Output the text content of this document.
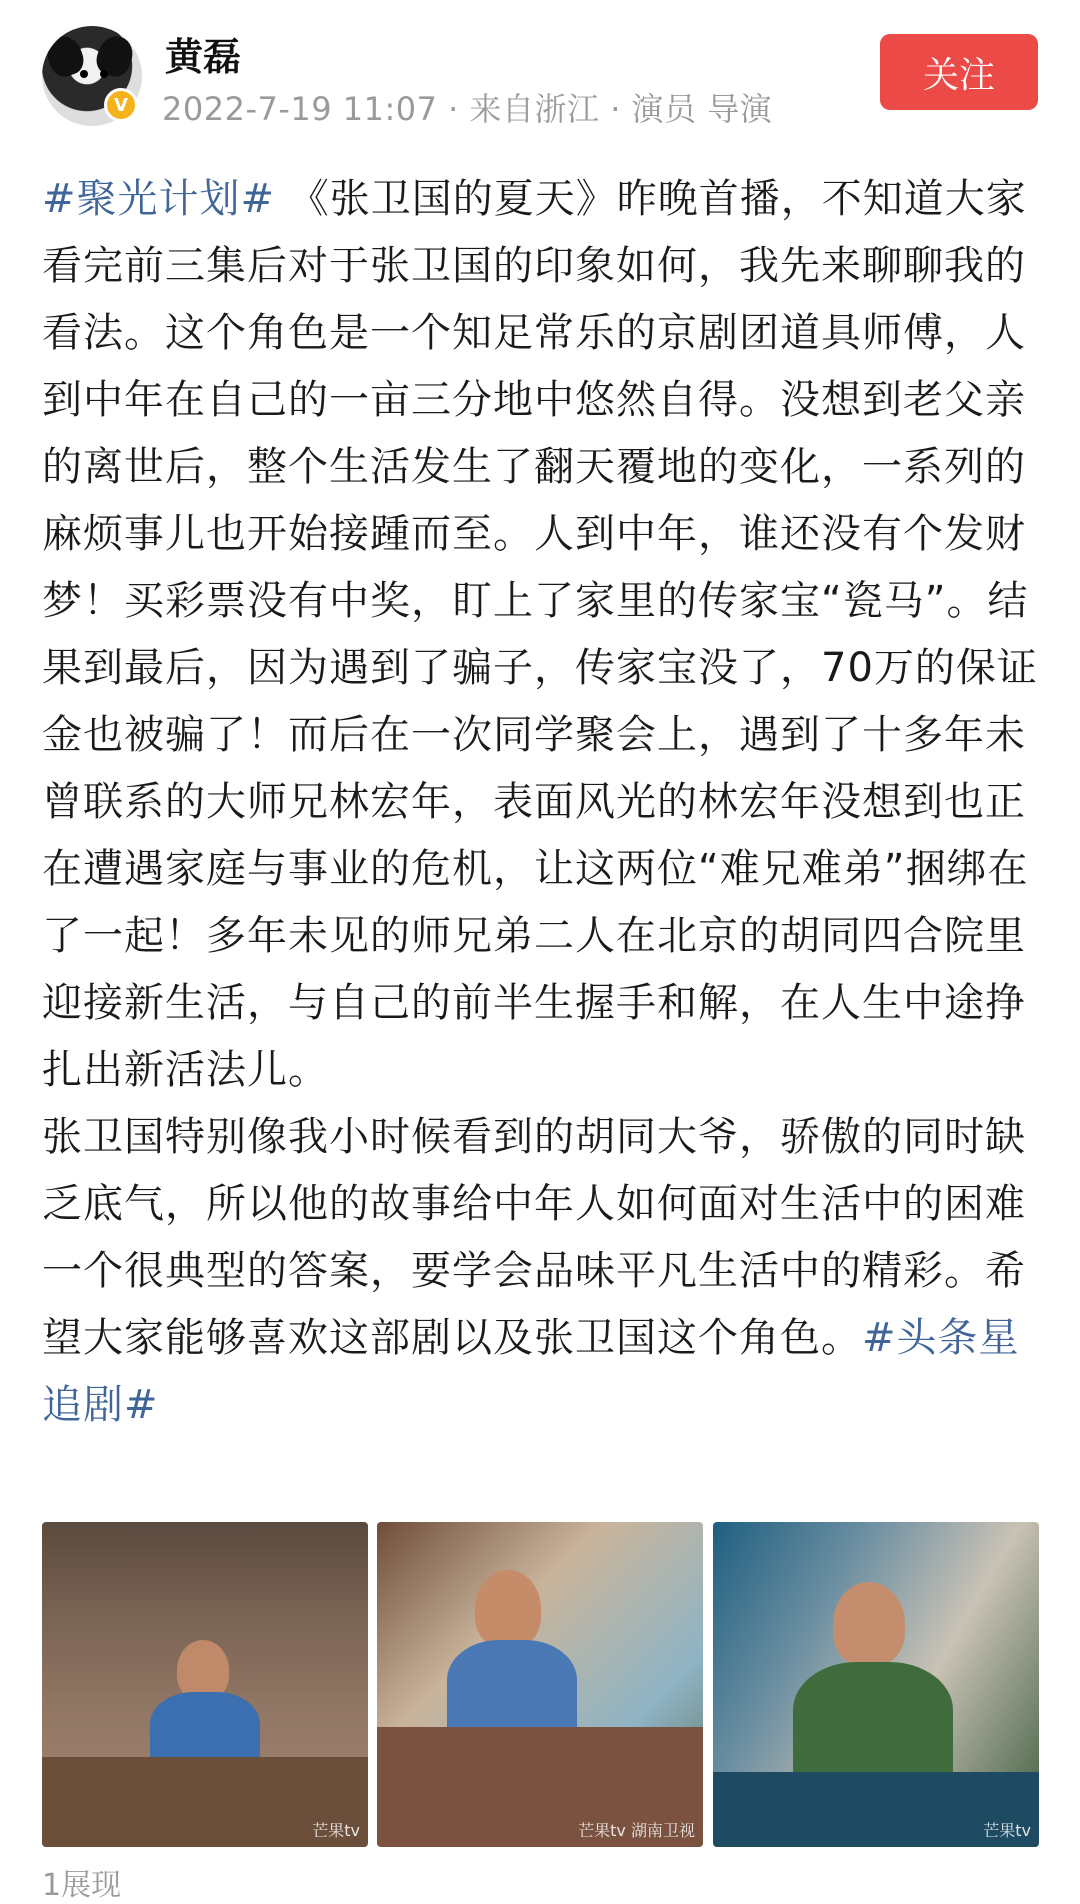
V
黄磊
2022-7-19 11:07 · 来自浙江 · 演员 导演
关注

#聚光计划# 《张卫国的夏天》昨晚首播，不知道大家看完前三集后对于张卫国的印象如何，我先来聊聊我的看法。这个角色是一个知足常乐的京剧团道具师傅，人到中年在自己的一亩三分地中悠然自得。没想到老父亲的离世后，整个生活发生了翻天覆地的变化，一系列的麻烦事儿也开始接踵而至。人到中年，谁还没有个发财梦！买彩票没有中奖，盯上了家里的传家宝“瓷马”。结果到最后，因为遇到了骗子，传家宝没了，70万的保证金也被骗了！而后在一次同学聚会上，遇到了十多年未曾联系的大师兄林宏年，表面风光的林宏年没想到也正在遭遇家庭与事业的危机，让这两位“难兄难弟”捆绑在了一起！多年未见的师兄弟二人在北京的胡同四合院里迎接新生活，与自己的前半生握手和解，在人生中途挣扎出新活法儿。

张卫国特别像我小时候看到的胡同大爷，骄傲的同时缺乏底气，所以他的故事给中年人如何面对生活中的困难一个很典型的答案，要学会品味平凡生活中的精彩。希望大家能够喜欢这部剧以及张卫国这个角色。#头条星追剧#

芒果tv	芒果tv 湖南卫视	芒果tv
1展现
